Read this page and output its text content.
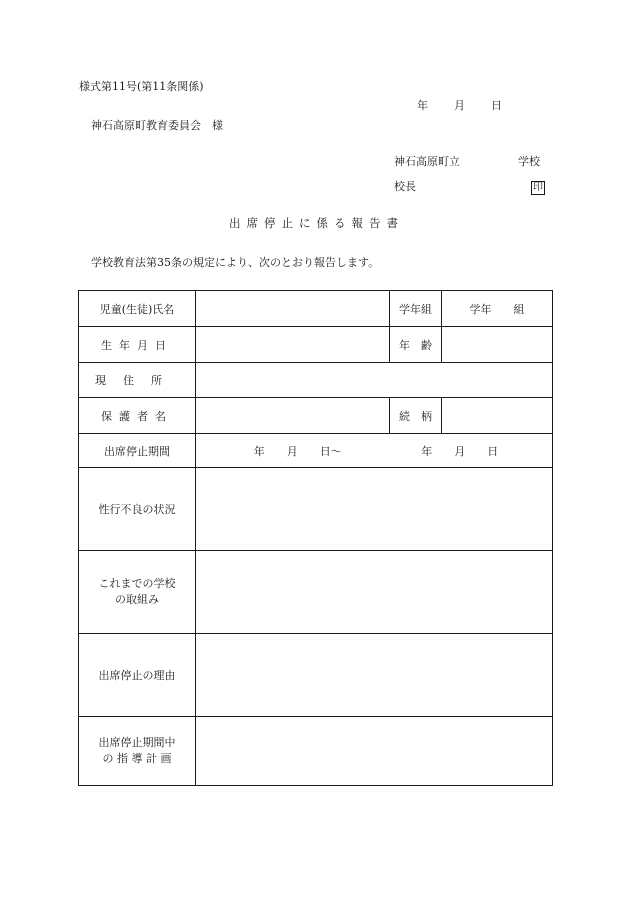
様式第11号(第11条関係)
年 月 日
神石高原町教育委員会　様
神石高原町立	学校
校長	印
出席停止に係る報告書
学校教育法第35条の規定により、次のとおり報告します。
児童(生徒)氏名		学年組	学年　　組
生年月日		年　齢	
現住所			
保護者名		続　柄	
出席停止期間	年 月 日〜 年 月 日		

性行不良の状況			

これまでの学校
の取組み			

出席停止の理由			

出席停止期間中
の 指 導 計 画			
